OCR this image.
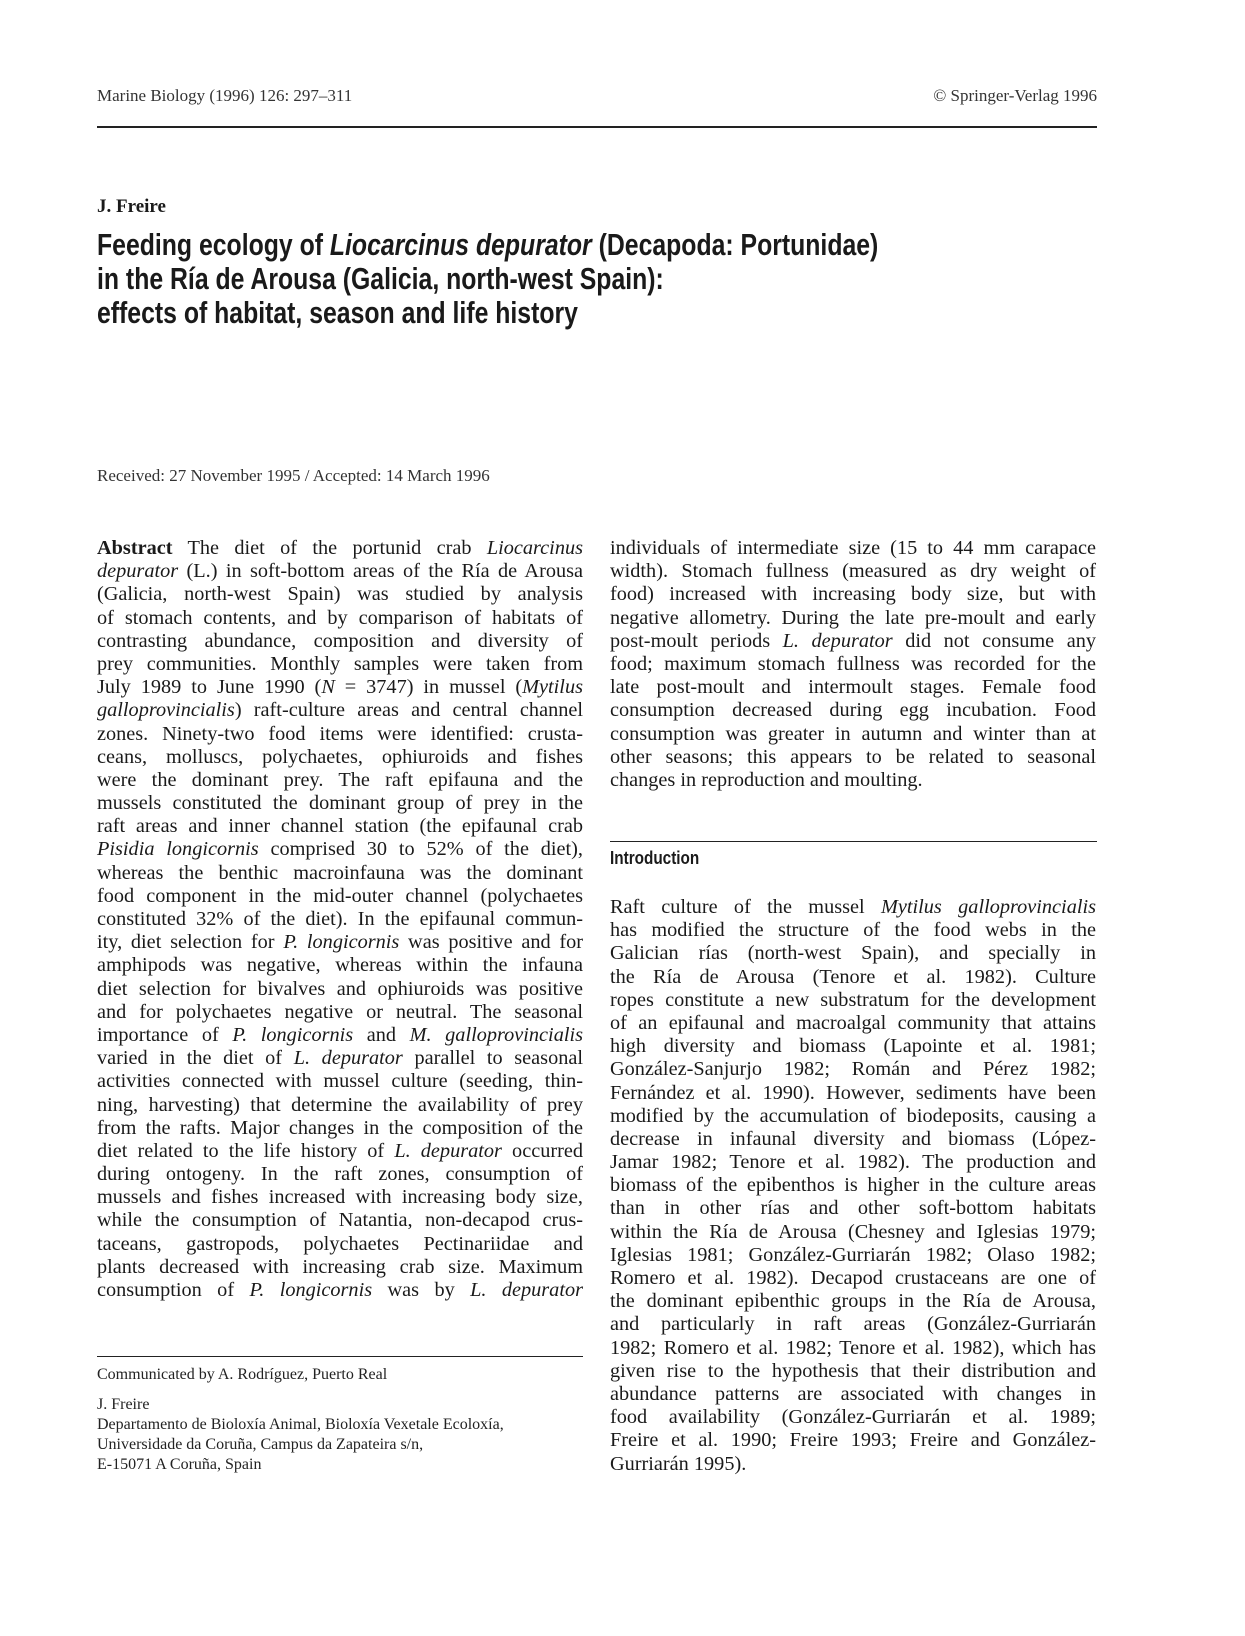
Marine Biology (1996) 126: 297–311	© Springer-Verlag 1996
J. Freire
Feeding ecology of Liocarcinus depurator (Decapoda: Portunidae)
in the Ría de Arousa (Galicia, north-west Spain):
effects of habitat, season and life history
Received: 27 November 1995 / Accepted: 14 March 1996
Abstract The diet of the portunid crab Liocarcinus
depurator (L.) in soft-bottom areas of the Ría de Arousa
(Galicia, north-west Spain) was studied by analysis
of stomach contents, and by comparison of habitats of
contrasting abundance, composition and diversity of
prey communities. Monthly samples were taken from
July 1989 to June 1990 (N = 3747) in mussel (Mytilus
galloprovincialis) raft-culture areas and central channel
zones. Ninety-two food items were identified: crusta-
ceans, molluscs, polychaetes, ophiuroids and fishes
were the dominant prey. The raft epifauna and the
mussels constituted the dominant group of prey in the
raft areas and inner channel station (the epifaunal crab
Pisidia longicornis comprised 30 to 52% of the diet),
whereas the benthic macroinfauna was the dominant
food component in the mid-outer channel (polychaetes
constituted 32% of the diet). In the epifaunal commun-
ity, diet selection for P. longicornis was positive and for
amphipods was negative, whereas within the infauna
diet selection for bivalves and ophiuroids was positive
and for polychaetes negative or neutral. The seasonal
importance of P. longicornis and M. galloprovincialis
varied in the diet of L. depurator parallel to seasonal
activities connected with mussel culture (seeding, thin-
ning, harvesting) that determine the availability of prey
from the rafts. Major changes in the composition of the
diet related to the life history of L. depurator occurred
during ontogeny. In the raft zones, consumption of
mussels and fishes increased with increasing body size,
while the consumption of Natantia, non-decapod crus-
taceans, gastropods, polychaetes Pectinariidae and
plants decreased with increasing crab size. Maximum
consumption of P. longicornis was by L. depurator
individuals of intermediate size (15 to 44 mm carapace
width). Stomach fullness (measured as dry weight of
food) increased with increasing body size, but with
negative allometry. During the late pre-moult and early
post-moult periods L. depurator did not consume any
food; maximum stomach fullness was recorded for the
late post-moult and intermoult stages. Female food
consumption decreased during egg incubation. Food
consumption was greater in autumn and winter than at
other seasons; this appears to be related to seasonal
changes in reproduction and moulting.
Introduction
Raft culture of the mussel Mytilus galloprovincialis
has modified the structure of the food webs in the
Galician rías (north-west Spain), and specially in
the Ría de Arousa (Tenore et al. 1982). Culture
ropes constitute a new substratum for the development
of an epifaunal and macroalgal community that attains
high diversity and biomass (Lapointe et al. 1981;
González-Sanjurjo 1982; Román and Pérez 1982;
Fernández et al. 1990). However, sediments have been
modified by the accumulation of biodeposits, causing a
decrease in infaunal diversity and biomass (López-
Jamar 1982; Tenore et al. 1982). The production and
biomass of the epibenthos is higher in the culture areas
than in other rías and other soft-bottom habitats
within the Ría de Arousa (Chesney and Iglesias 1979;
Iglesias 1981; González-Gurriarán 1982; Olaso 1982;
Romero et al. 1982). Decapod crustaceans are one of
the dominant epibenthic groups in the Ría de Arousa,
and particularly in raft areas (González-Gurriarán
1982; Romero et al. 1982; Tenore et al. 1982), which has
given rise to the hypothesis that their distribution and
abundance patterns are associated with changes in
food availability (González-Gurriarán et al. 1989;
Freire et al. 1990; Freire 1993; Freire and González-
Gurriarán 1995).
Communicated by A. Rodríguez, Puerto Real
J. Freire
Departamento de Bioloxía Animal, Bioloxía Vexetale Ecoloxía,
Universidade da Coruña, Campus da Zapateira s/n,
E-15071 A Coruña, Spain
